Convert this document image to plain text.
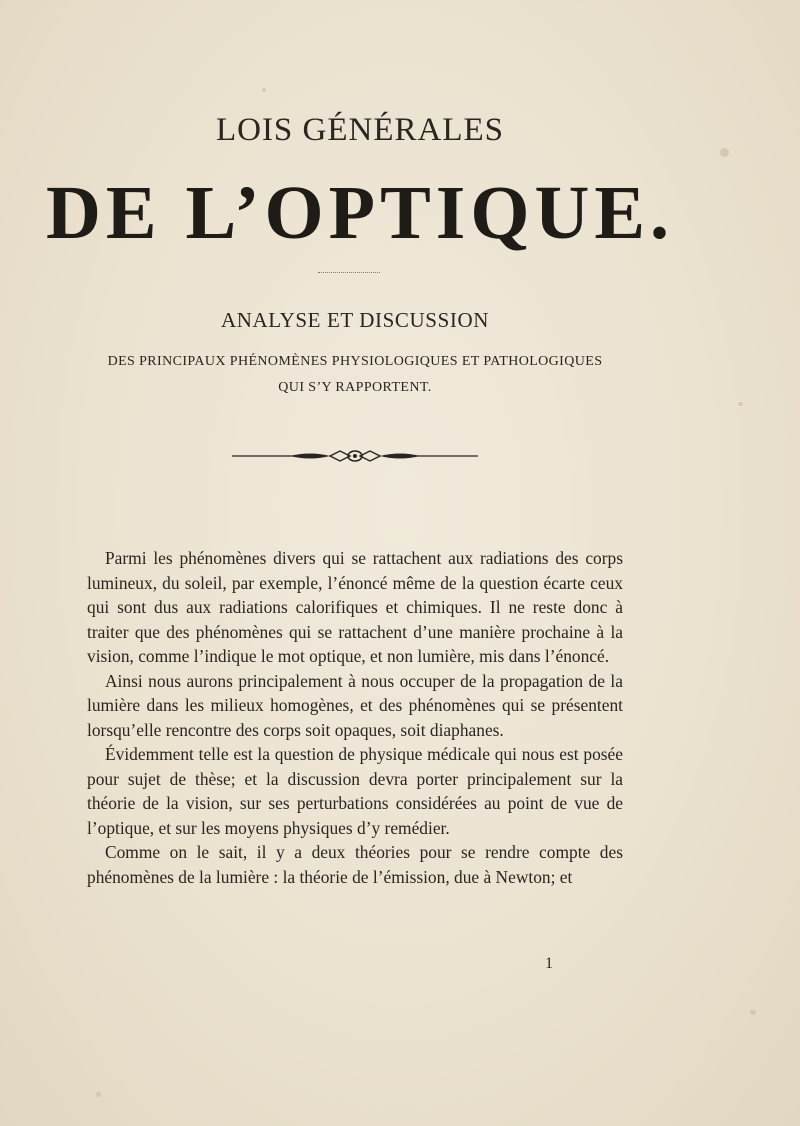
LOIS GÉNÉRALES
DE L’OPTIQUE.
ANALYSE ET DISCUSSION
DES PRINCIPAUX PHÉNOMÈNES PHYSIOLOGIQUES ET PATHOLOGIQUES
QUI S’Y RAPPORTENT.

Parmi les phénomènes divers qui se rattachent aux radiations des corps lumineux, du soleil, par exemple, l’énoncé même de la question écarte ceux qui sont dus aux radiations calorifiques et chimiques. Il ne reste donc à traiter que des phénomènes qui se rattachent d’une manière prochaine à la vision, comme l’indique le mot optique, et non lumière, mis dans l’énoncé.

Ainsi nous aurons principalement à nous occuper de la propagation de la lumière dans les milieux homogènes, et des phénomènes qui se présentent lorsqu’elle rencontre des corps soit opaques, soit diaphanes.

Évidemment telle est la question de physique médicale qui nous est posée pour sujet de thèse; et la discussion devra porter principalement sur la théorie de la vision, sur ses perturbations considérées au point de vue de l’optique, et sur les moyens physiques d’y remédier.

Comme on le sait, il y a deux théories pour se rendre compte des phénomènes de la lumière : la théorie de l’émission, due à Newton; et

1
